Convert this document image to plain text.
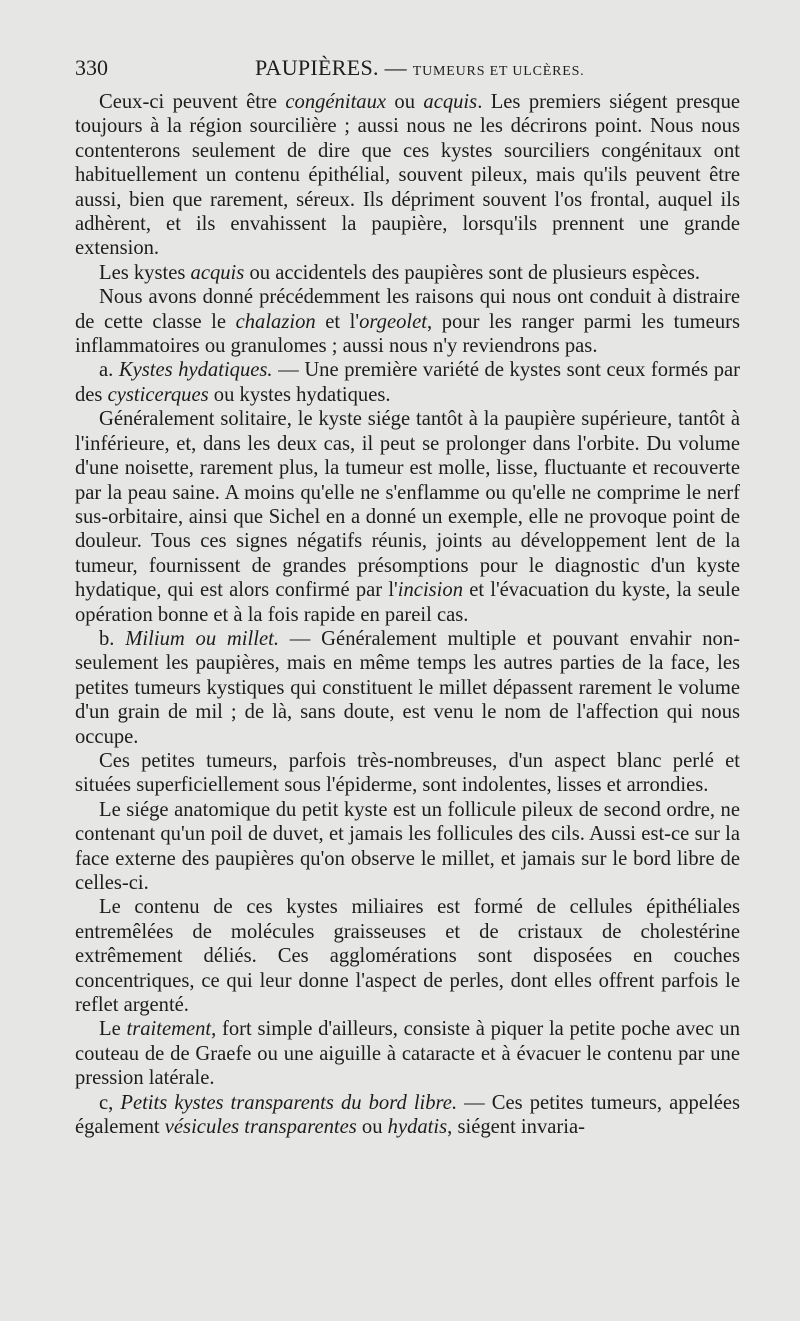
330	PAUPIÈRES. — TUMEURS ET ULCÈRES.

Ceux-ci peuvent être congénitaux ou acquis. Les premiers siégent presque toujours à la région sourcilière ; aussi nous ne les décrirons point. Nous nous contenterons seulement de dire que ces kystes sourciliers congénitaux ont habituellement un contenu épithélial, souvent pileux, mais qu'ils peuvent être aussi, bien que rarement, séreux. Ils dépriment souvent l'os frontal, auquel ils adhèrent, et ils envahissent la paupière, lorsqu'ils prennent une grande extension.

Les kystes acquis ou accidentels des paupières sont de plusieurs espèces.

Nous avons donné précédemment les raisons qui nous ont conduit à distraire de cette classe le chalazion et l'orgeolet, pour les ranger parmi les tumeurs inflammatoires ou granulomes ; aussi nous n'y reviendrons pas.

a. Kystes hydatiques. — Une première variété de kystes sont ceux formés par des cysticerques ou kystes hydatiques.

Généralement solitaire, le kyste siége tantôt à la paupière supérieure, tantôt à l'inférieure, et, dans les deux cas, il peut se prolonger dans l'orbite. Du volume d'une noisette, rarement plus, la tumeur est molle, lisse, fluctuante et recouverte par la peau saine. A moins qu'elle ne s'enflamme ou qu'elle ne comprime le nerf sus-orbitaire, ainsi que Sichel en a donné un exemple, elle ne provoque point de douleur. Tous ces signes négatifs réunis, joints au développement lent de la tumeur, fournissent de grandes présomptions pour le diagnostic d'un kyste hydatique, qui est alors confirmé par l'incision et l'évacuation du kyste, la seule opération bonne et à la fois rapide en pareil cas.

b. Milium ou millet. — Généralement multiple et pouvant envahir non-seulement les paupières, mais en même temps les autres parties de la face, les petites tumeurs kystiques qui constituent le millet dépassent rarement le volume d'un grain de mil ; de là, sans doute, est venu le nom de l'affection qui nous occupe.

Ces petites tumeurs, parfois très-nombreuses, d'un aspect blanc perlé et situées superficiellement sous l'épiderme, sont indolentes, lisses et arrondies.

Le siége anatomique du petit kyste est un follicule pileux de second ordre, ne contenant qu'un poil de duvet, et jamais les follicules des cils. Aussi est-ce sur la face externe des paupières qu'on observe le millet, et jamais sur le bord libre de celles-ci.

Le contenu de ces kystes miliaires est formé de cellules épithéliales entremêlées de molécules graisseuses et de cristaux de cholestérine extrêmement déliés. Ces agglomérations sont disposées en couches concentriques, ce qui leur donne l'aspect de perles, dont elles offrent parfois le reflet argenté.

Le traitement, fort simple d'ailleurs, consiste à piquer la petite poche avec un couteau de de Graefe ou une aiguille à cataracte et à évacuer le contenu par une pression latérale.

c, Petits kystes transparents du bord libre. — Ces petites tumeurs, appelées également vésicules transparentes ou hydatis, siégent invaria-
